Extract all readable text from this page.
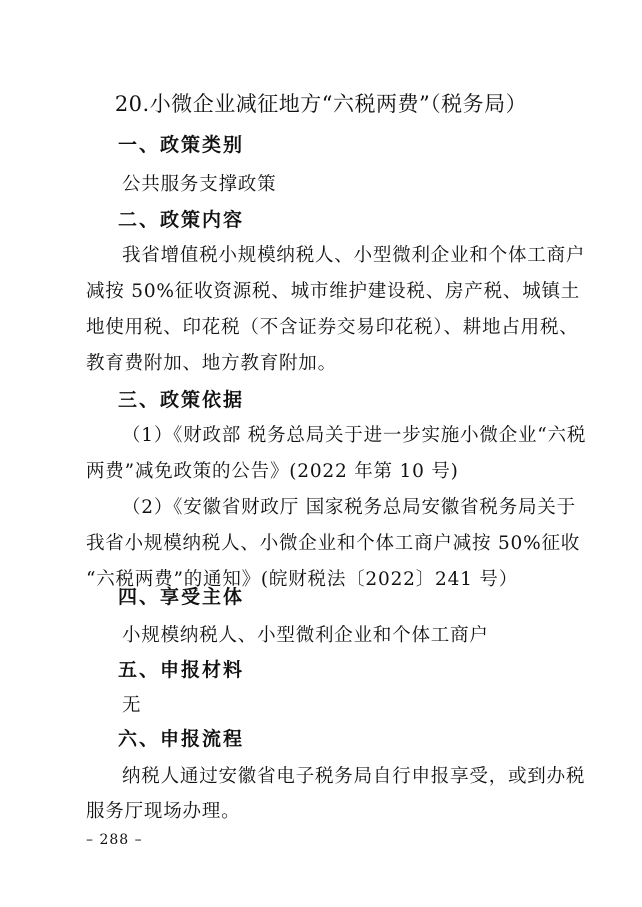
20.小微企业减征地方“六税两费”（税务局）
一、政策类别
公共服务支撑政策
二、政策内容
我省增值税小规模纳税人、小型微利企业和个体工商户
减按 50%征收资源税、城市维护建设税、房产税、城镇土
地使用税、印花税（不含证券交易印花税）、耕地占用税、
教育费附加、地方教育附加。
三、政策依据
（1）《财政部 税务总局关于进一步实施小微企业“六税
两费”减免政策的公告》(2022 年第 10 号)
（2）《安徽省财政厅 国家税务总局安徽省税务局关于
我省小规模纳税人、小微企业和个体工商户减按 50%征收
“六税两费”的通知》(皖财税法〔2022〕241 号）
四、享受主体
小规模纳税人、小型微利企业和个体工商户
五、申报材料
无
六、申报流程
纳税人通过安徽省电子税务局自行申报享受，或到办税
服务厅现场办理。
– 288 –
